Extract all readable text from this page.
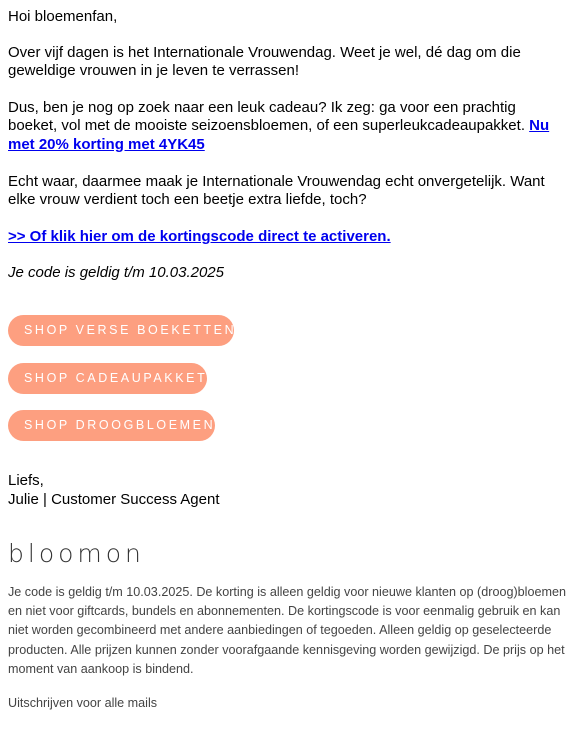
Hoi bloemenfan,

Over vijf dagen is het Internationale Vrouwendag. Weet je wel, dé dag om die geweldige vrouwen in je leven te verrassen!

Dus, ben je nog op zoek naar een leuk cadeau? Ik zeg: ga voor een prachtig boeket, vol met de mooiste seizoensbloemen, of een superleukcadeaupakket. Nu met 20% korting met 4YK45

Echt waar, daarmee maak je Internationale Vrouwendag echt onvergetelijk. Want elke vrouw verdient toch een beetje extra liefde, toch?

>> Of klik hier om de kortingscode direct te activeren.

Je code is geldig t/m 10.03.2025

SHOP VERSE BOEKETTEN
SHOP CADEAUPAKKET
SHOP DROOGBLOEMEN

Liefs,

Julie | Customer Success Agent

bloomon

Je code is geldig t/m 10.03.2025. De korting is alleen geldig voor nieuwe klanten op (droog)bloemen en niet voor giftcards, bundels en abonnementen. De kortingscode is voor eenmalig gebruik en kan niet worden gecombineerd met andere aanbiedingen of tegoeden. Alleen geldig op geselecteerde producten. Alle prijzen kunnen zonder voorafgaande kennisgeving worden gewijzigd. De prijs op het moment van aankoop is bindend.

Uitschrijven voor alle mails
